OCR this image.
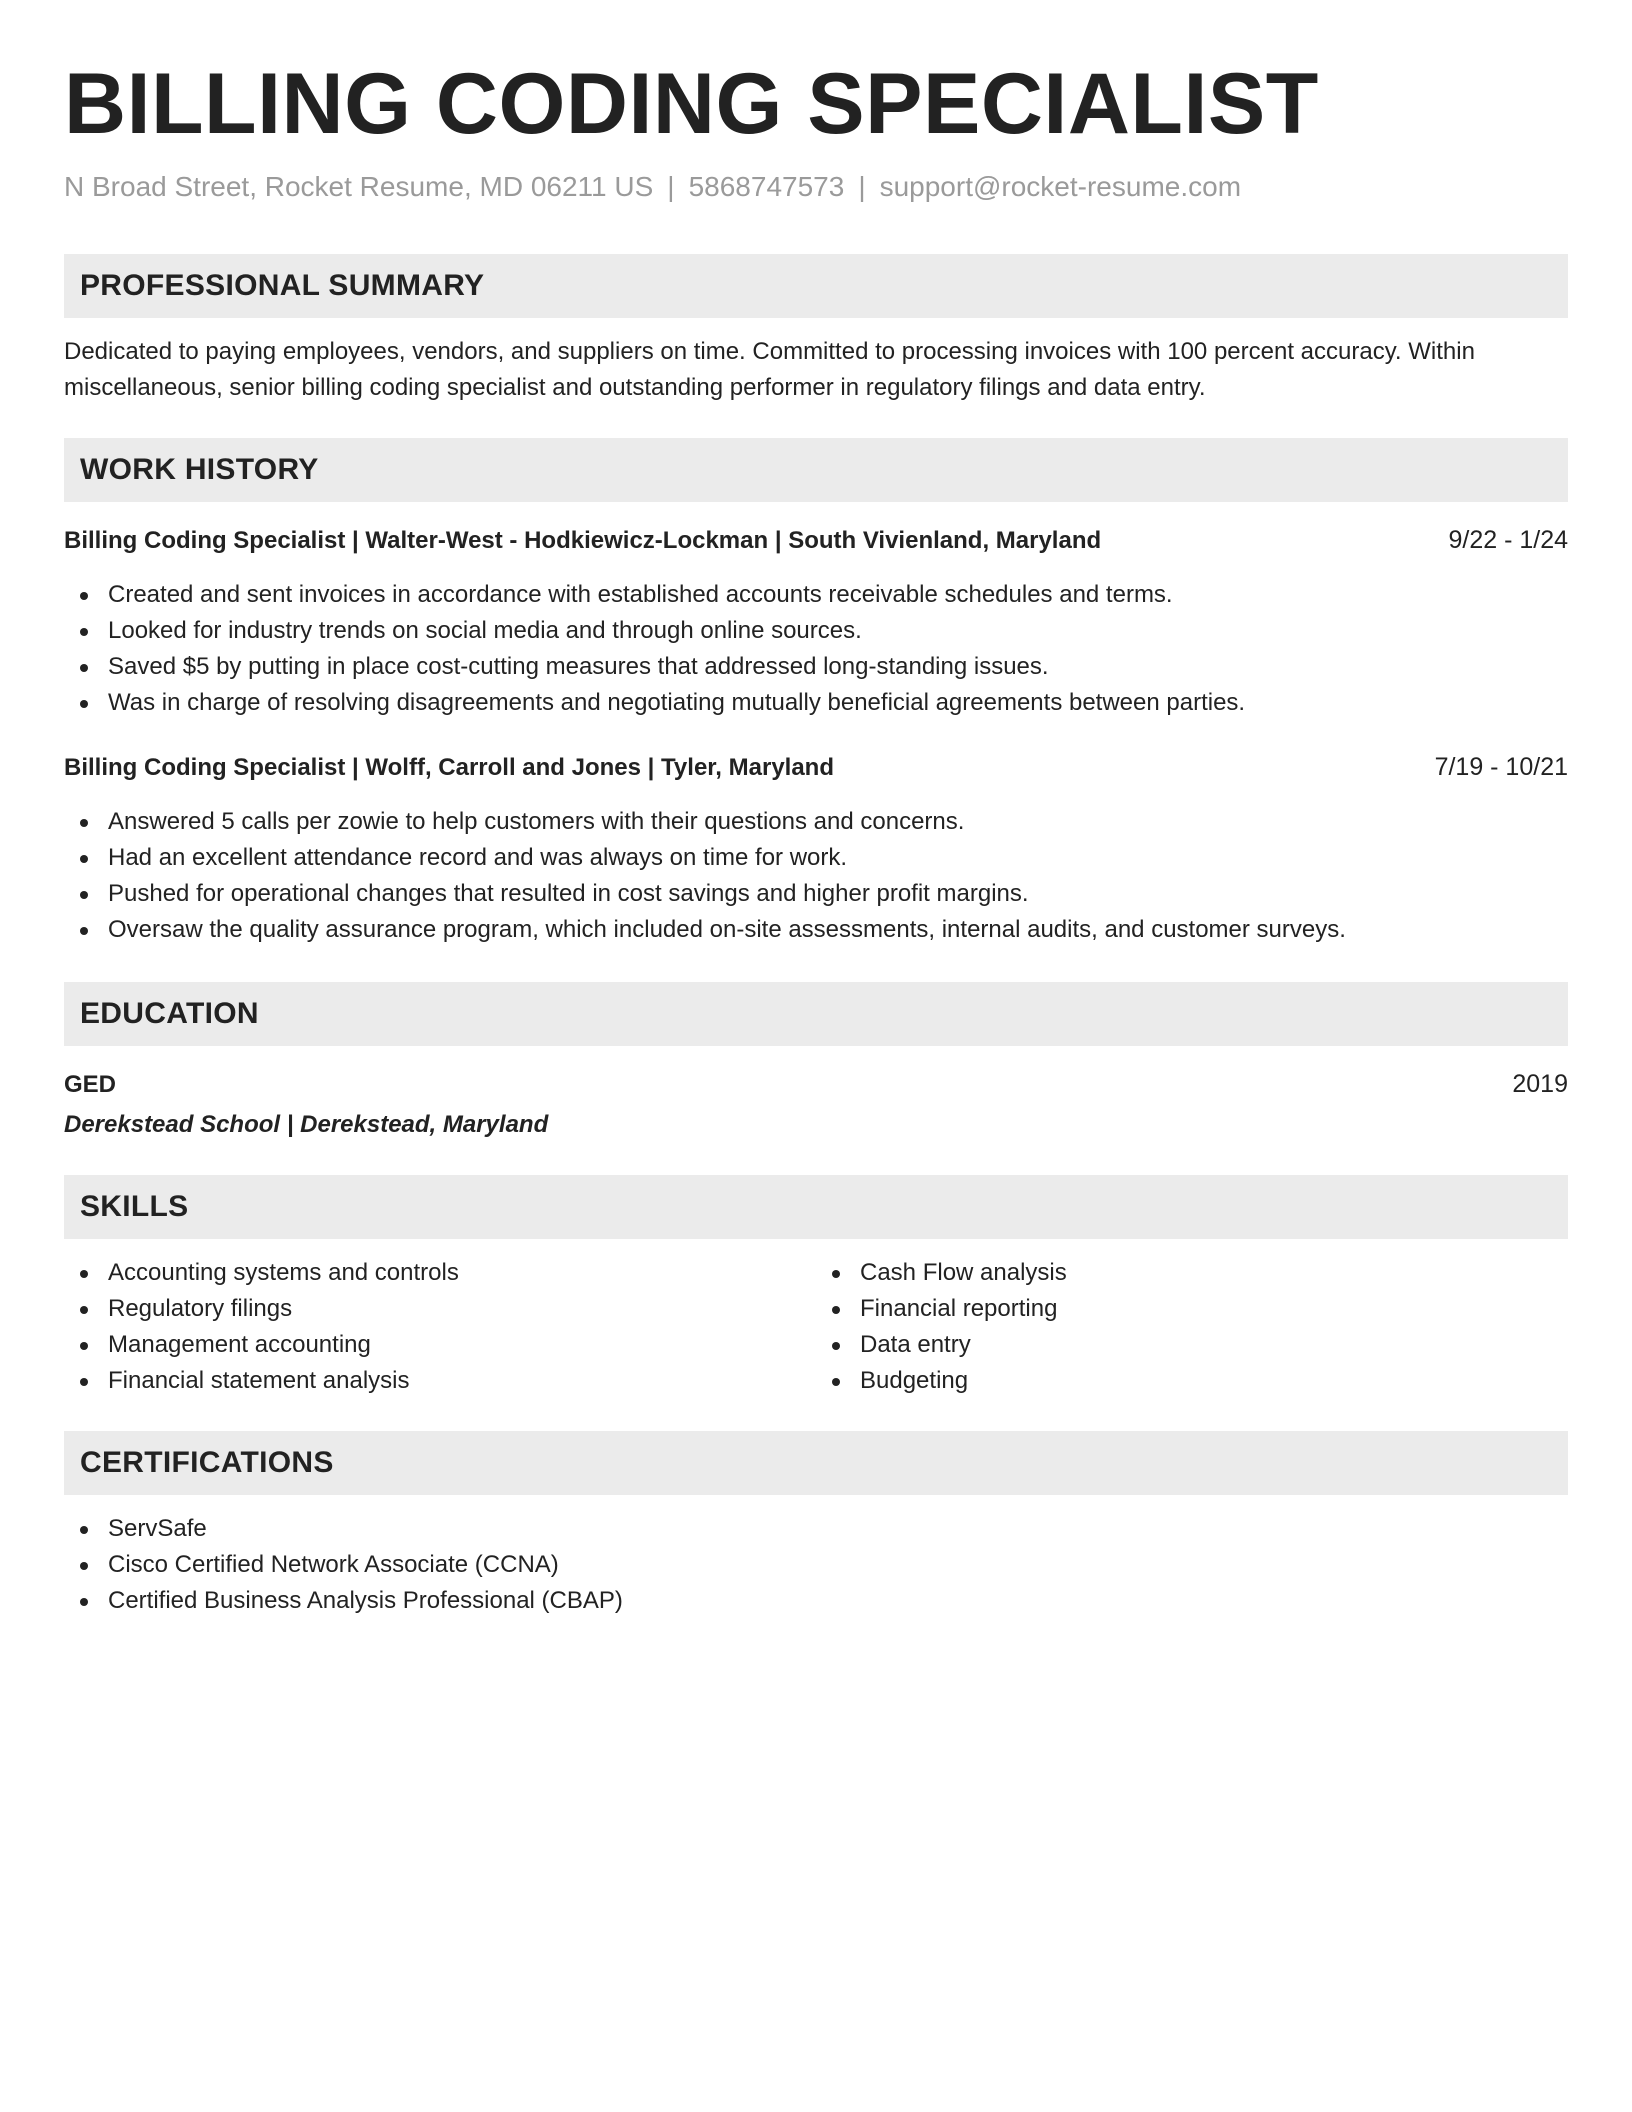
BILLING CODING SPECIALIST
N Broad Street, Rocket Resume, MD 06211 US | 5868747573 | support@rocket-resume.com
PROFESSIONAL SUMMARY
Dedicated to paying employees, vendors, and suppliers on time. Committed to processing invoices with 100 percent accuracy. Within miscellaneous, senior billing coding specialist and outstanding performer in regulatory filings and data entry.
WORK HISTORY
Billing Coding Specialist | Walter-West - Hodkiewicz-Lockman | South Vivienland, Maryland	9/22 - 1/24
Created and sent invoices in accordance with established accounts receivable schedules and terms.
Looked for industry trends on social media and through online sources.
Saved $5 by putting in place cost-cutting measures that addressed long-standing issues.
Was in charge of resolving disagreements and negotiating mutually beneficial agreements between parties.
Billing Coding Specialist | Wolff, Carroll and Jones | Tyler, Maryland	7/19 - 10/21
Answered 5 calls per zowie to help customers with their questions and concerns.
Had an excellent attendance record and was always on time for work.
Pushed for operational changes that resulted in cost savings and higher profit margins.
Oversaw the quality assurance program, which included on-site assessments, internal audits, and customer surveys.
EDUCATION
GED	2019
Derekstead School | Derekstead, Maryland
SKILLS
Accounting systems and controls
Regulatory filings
Management accounting
Financial statement analysis
Cash Flow analysis
Financial reporting
Data entry
Budgeting
CERTIFICATIONS
ServSafe
Cisco Certified Network Associate (CCNA)
Certified Business Analysis Professional (CBAP)
